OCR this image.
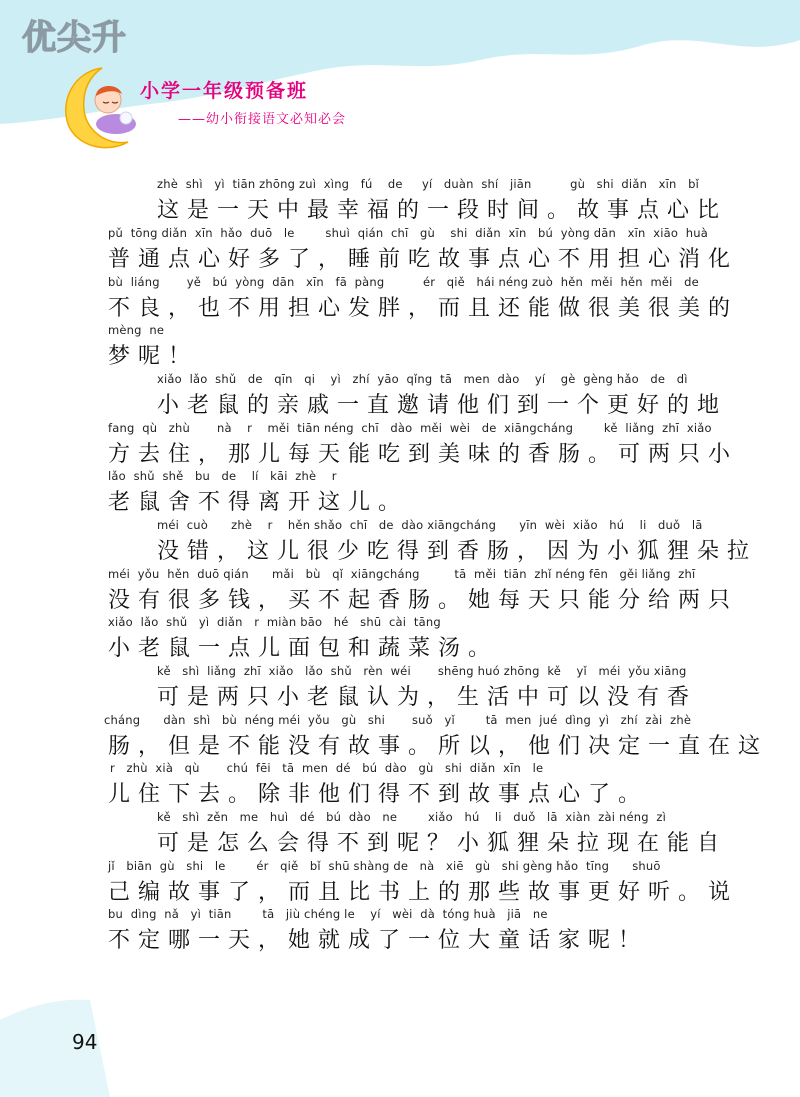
优尖升
小学一年级预备班
——幼小衔接语文必知必会
zhè  shì   yì  tiān zhōng zuì  xìng   fú    de     yí   duàn  shí   jiān          gù   shi  diǎn   xīn   bǐ
这是一天中最幸福的一段时间。故事点心比
pǔ  tōng diǎn  xīn  hǎo  duō   le        shuì  qián  chī   gù    shi  diǎn  xīn   bú  yòng dān   xīn  xiāo  huà
普通点心好多了，睡前吃故事点心不用担心消化
bù  liáng       yě   bú  yòng  dān   xīn   fā  pàng          ér   qiě   hái néng zuò  hěn  měi  hěn  měi   de
不良，也不用担心发胖，而且还能做很美很美的
mèng  ne
梦呢！
xiǎo  lǎo  shǔ   de   qīn   qi    yì   zhí  yāo  qǐng  tā   men  dào    yí    gè  gèng hǎo   de   dì
小老鼠的亲戚一直邀请他们到一个更好的地
fang  qù   zhù       nà    r    měi  tiān néng  chī   dào  měi  wèi   de  xiāngcháng        kě  liǎng  zhī  xiǎo
方去住，那儿每天能吃到美味的香肠。可两只小
lǎo  shǔ  shě   bu   de    lí   kāi  zhè    r
老鼠舍不得离开这儿。
méi  cuò      zhè    r    hěn shǎo  chī   de  dào xiāngcháng      yīn  wèi  xiǎo   hú    li   duǒ   lā
没错，这儿很少吃得到香肠，因为小狐狸朵拉
méi  yǒu  hěn  duō qián      mǎi   bù   qǐ  xiāngcháng         tā  měi  tiān  zhǐ néng fēn   gěi liǎng  zhī
没有很多钱，买不起香肠。她每天只能分给两只
xiǎo  lǎo  shǔ   yì  diǎn   r  miàn bāo   hé   shū  cài  tāng
小老鼠一点儿面包和蔬菜汤。
kě   shì  liǎng  zhī  xiǎo   lǎo  shǔ   rèn  wéi       shēng huó zhōng  kě    yǐ   méi  yǒu xiāng
可是两只小老鼠认为，生活中可以没有香
cháng      dàn  shì   bù  néng méi  yǒu   gù   shi       suǒ   yǐ        tā  men  jué  dìng  yì   zhí  zài  zhè
肠，但是不能没有故事。所以，他们决定一直在这
r   zhù  xià   qù       chú  fēi   tā  men  dé   bú  dào   gù   shi  diǎn  xīn   le
儿住下去。除非他们得不到故事点心了。
kě   shì  zěn   me   huì   dé   bú  dào   ne        xiǎo   hú    li   duǒ   lā  xiàn  zài néng  zì
可是怎么会得不到呢？小狐狸朵拉现在能自
jǐ   biān  gù   shi   le        ér   qiě   bǐ  shū shàng de   nà   xiē   gù   shi gèng hǎo  tīng      shuō
己编故事了，而且比书上的那些故事更好听。说
bu  dìng  nǎ   yì  tiān        tā   jiù chéng le    yí   wèi  dà  tóng huà   jiā   ne
不定哪一天，她就成了一位大童话家呢！
94
